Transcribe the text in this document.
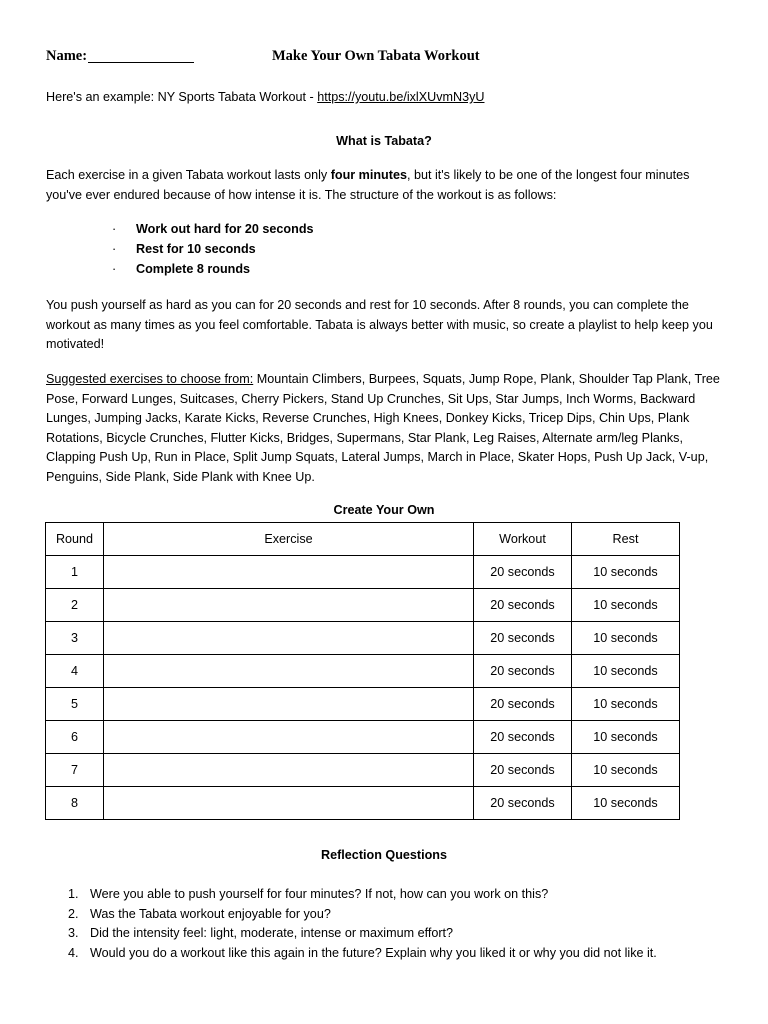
Name:	Make Your Own Tabata Workout
Here's an example: NY Sports Tabata Workout - https://youtu.be/ixlXUvmN3yU
What is Tabata?
Each exercise in a given Tabata workout lasts only four minutes, but it's likely to be one of the longest four minutes you've ever endured because of how intense it is. The structure of the workout is as follows:
· Work out hard for 20 seconds
· Rest for 10 seconds
· Complete 8 rounds
You push yourself as hard as you can for 20 seconds and rest for 10 seconds. After 8 rounds, you can complete the workout as many times as you feel comfortable. Tabata is always better with music, so create a playlist to help keep you motivated!
Suggested exercises to choose from: Mountain Climbers, Burpees, Squats, Jump Rope, Plank, Shoulder Tap Plank, Tree Pose, Forward Lunges, Suitcases, Cherry Pickers, Stand Up Crunches, Sit Ups, Star Jumps, Inch Worms, Backward Lunges, Jumping Jacks, Karate Kicks, Reverse Crunches, High Knees, Donkey Kicks, Tricep Dips, Chin Ups, Plank Rotations, Bicycle Crunches, Flutter Kicks, Bridges, Supermans, Star Plank, Leg Raises, Alternate arm/leg Planks, Clapping Push Up, Run in Place, Split Jump Squats, Lateral Jumps, March in Place, Skater Hops, Push Up Jack, V-up, Penguins, Side Plank, Side Plank with Knee Up.
Create Your Own
Round	Exercise	Workout	Rest
1		20 seconds	10 seconds
2		20 seconds	10 seconds
3		20 seconds	10 seconds
4		20 seconds	10 seconds
5		20 seconds	10 seconds
6		20 seconds	10 seconds
7		20 seconds	10 seconds
8		20 seconds	10 seconds
Reflection Questions
1. Were you able to push yourself for four minutes? If not, how can you work on this?
2. Was the Tabata workout enjoyable for you?
3. Did the intensity feel: light, moderate, intense or maximum effort?
4. Would you do a workout like this again in the future? Explain why you liked it or why you did not like it.
